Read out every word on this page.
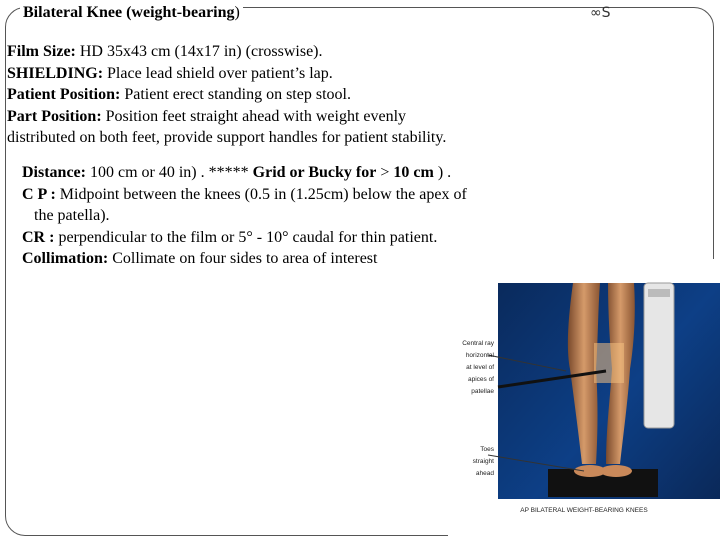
Bilateral Knee (weight-bearing)	∞S
Film Size: HD 35x43 cm (14x17 in) (crosswise).
SHIELDING: Place lead shield over patient’s lap.
Patient Position: Patient erect standing on step stool.
Part Position: Position feet straight ahead with weight evenly
distributed on both feet, provide support handles for patient stability.
Distance: 100 cm or 40 in) . ***** Grid or Bucky for > 10 cm ) .
C P : Midpoint between the knees (0.5 in (1.25cm) below the apex of
the patella).
CR : perpendicular to the film or 5° - 10° caudal for thin patient.
Collimation: Collimate on four sides to area of interest
Central ray
horizontal
at level of
apices of
patellae
Toes
straight
ahead
AP BILATERAL WEIGHT-BEARING KNEES
